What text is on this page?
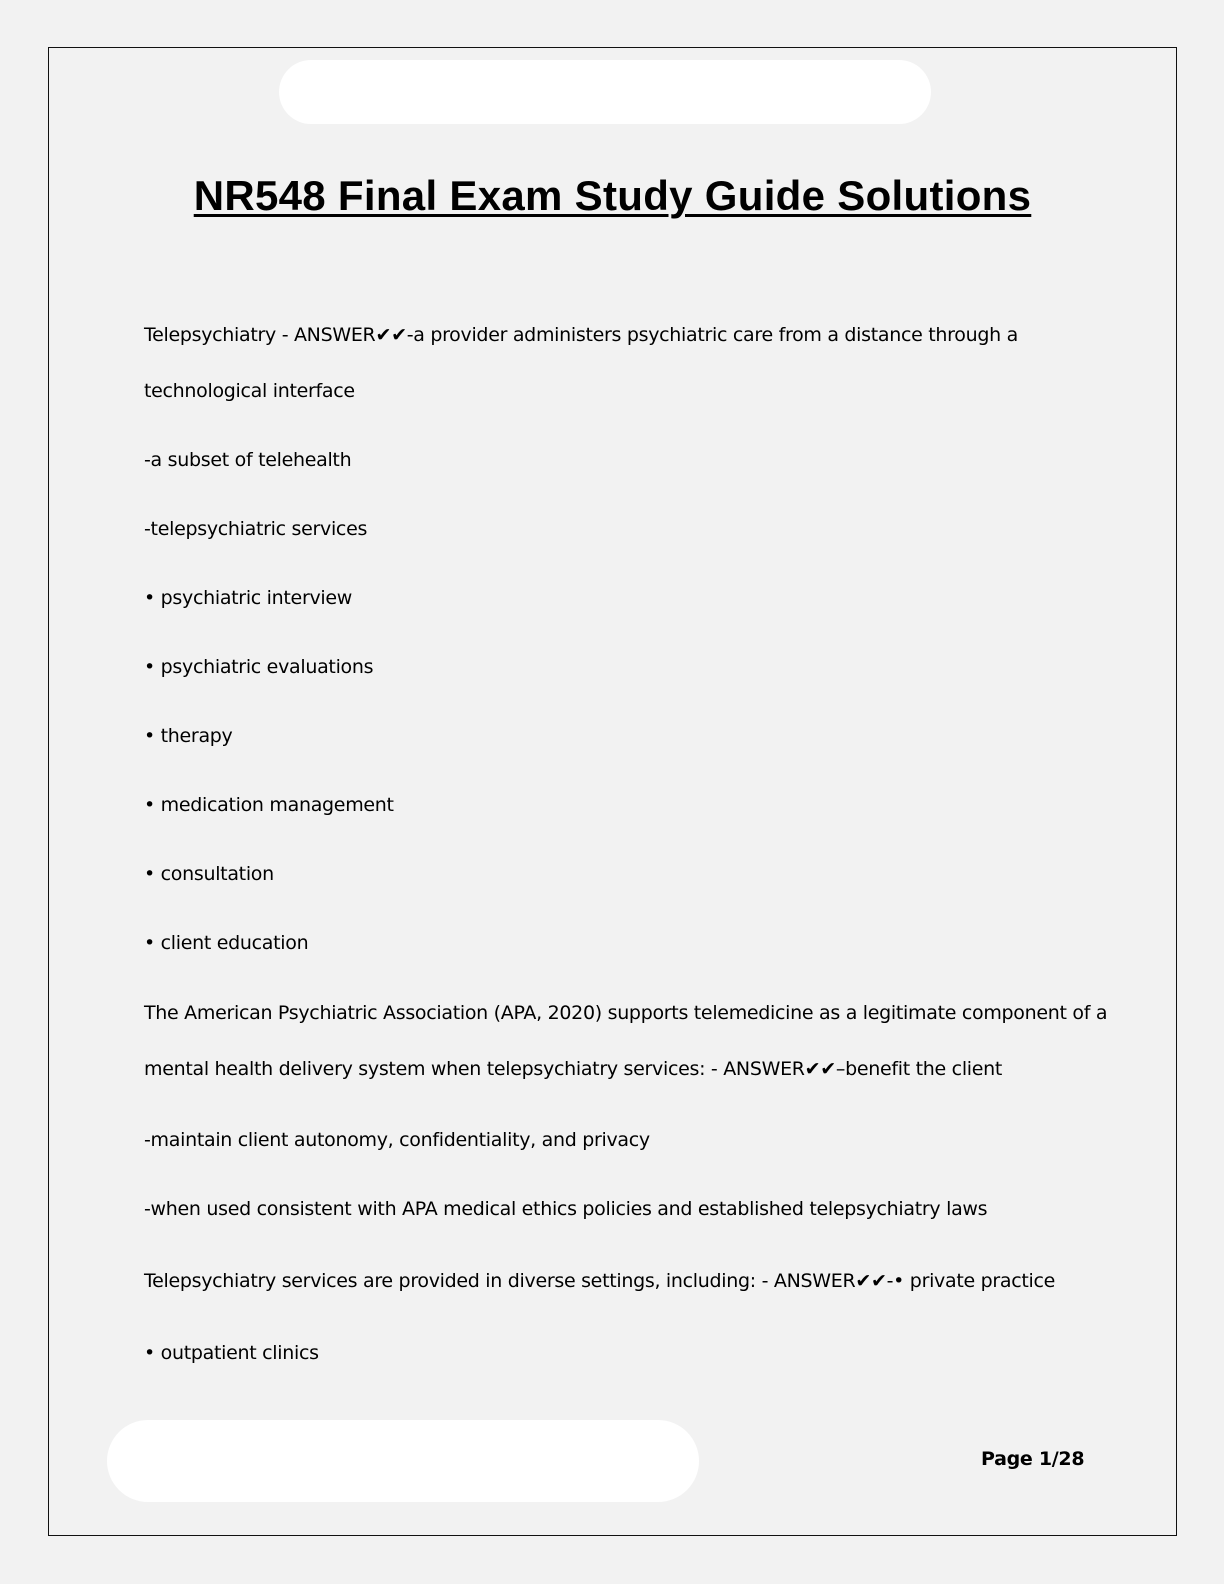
NR548 Final Exam Study Guide Solutions
Telepsychiatry - ANSWER✔✔-a provider administers psychiatric care from a distance through a
technological interface
-a subset of telehealth
-telepsychiatric services
• psychiatric interview
• psychiatric evaluations
• therapy
• medication management
• consultation
• client education
The American Psychiatric Association (APA, 2020) supports telemedicine as a legitimate component of a
mental health delivery system when telepsychiatry services: - ANSWER✔✔–benefit the client
-maintain client autonomy, confidentiality, and privacy
-when used consistent with APA medical ethics policies and established telepsychiatry laws
Telepsychiatry services are provided in diverse settings, including: - ANSWER✔✔-• private practice
• outpatient clinics
Page 1/28
